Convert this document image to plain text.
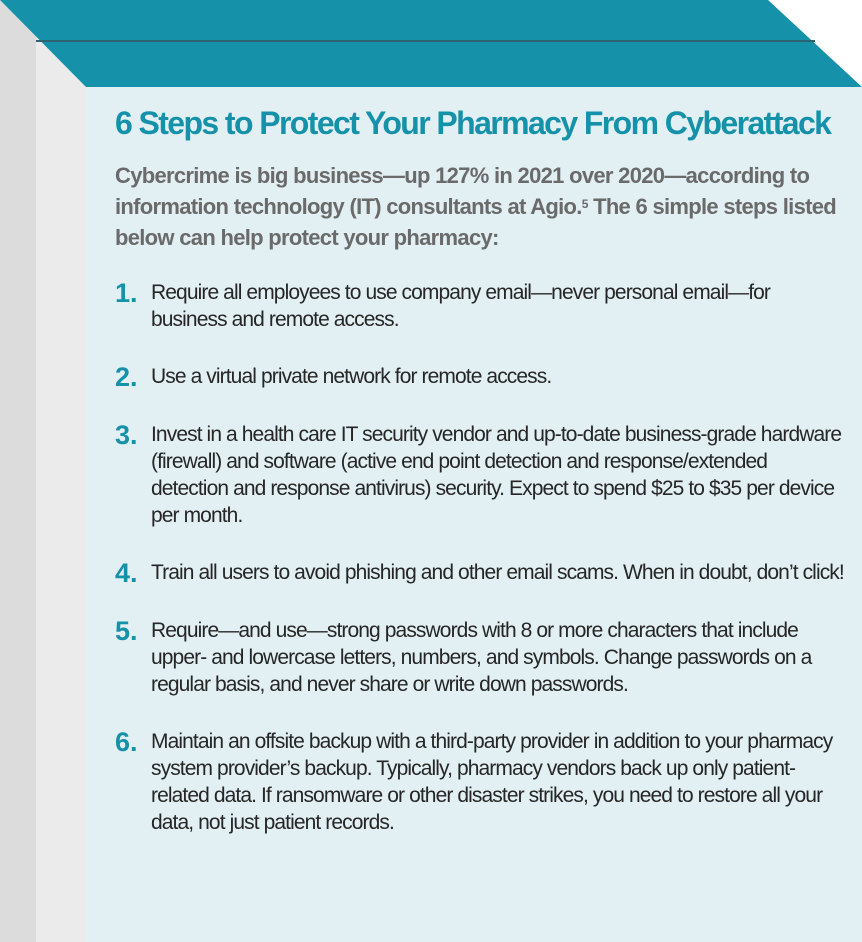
6 Steps to Protect Your Pharmacy From Cyberattack

Cybercrime is big business—up 127% in 2021 over 2020—according to information technology (IT) consultants at Agio.$^5$ The 6 simple steps listed below can help protect your pharmacy:

1. Require all employees to use company email—never personal email—for business and remote access.
2. Use a virtual private network for remote access.
3. Invest in a health care IT security vendor and up-to-date business-grade hardware (firewall) and software (active end point detection and response/extended detection and response antivirus) security. Expect to spend $25 to $35 per device per month.
4. Train all users to avoid phishing and other email scams. When in doubt, don’t click!
5. Require—and use—strong passwords with 8 or more characters that include upper- and lowercase letters, numbers, and symbols. Change passwords on a regular basis, and never share or write down passwords.
6. Maintain an offsite backup with a third-party provider in addition to your pharmacy system provider’s backup. Typically, pharmacy vendors back up only patient-related data. If ransomware or other disaster strikes, you need to restore all your data, not just patient records.
